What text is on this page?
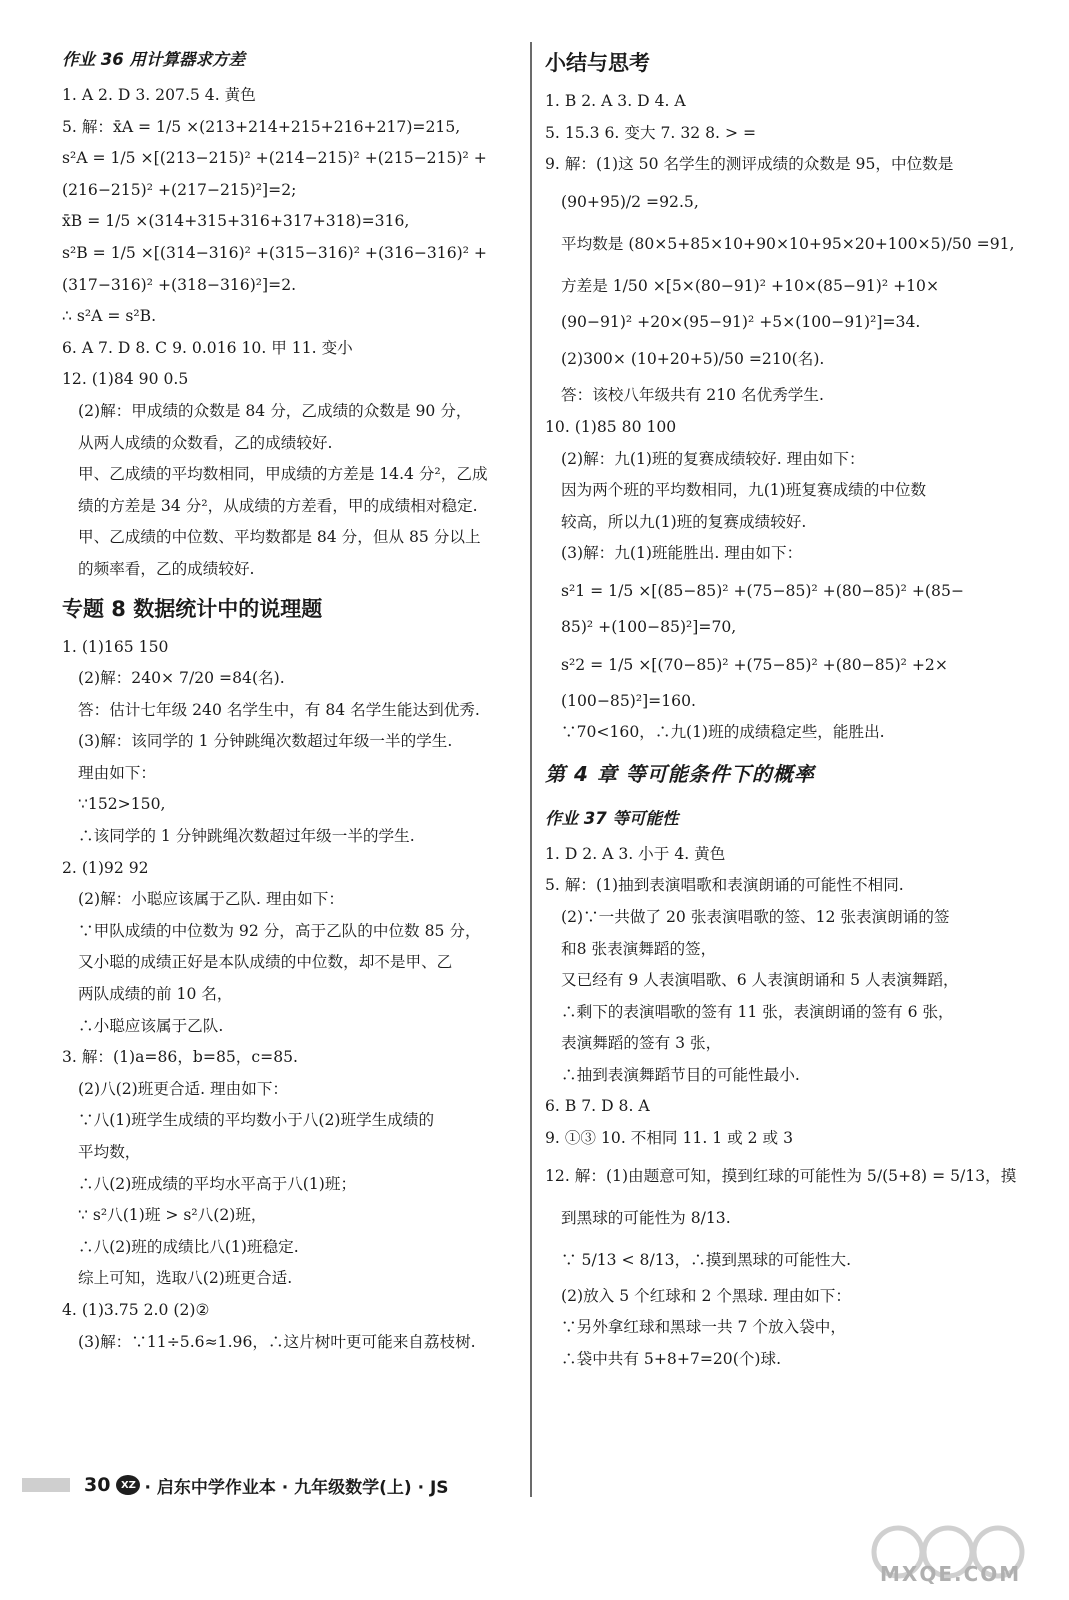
作业 36 用计算器求方差
1. A 2. D 3. 207.5 4. 黄色
5. 解：x̄A = 1/5 ×(213+214+215+216+217)=215,
s²A = 1/5 ×[(213−215)² +(214−215)² +(215−215)² +
(216−215)² +(217−215)²]=2;
x̄B = 1/5 ×(314+315+316+317+318)=316,
s²B = 1/5 ×[(314−316)² +(315−316)² +(316−316)² +
(317−316)² +(318−316)²]=2.
∴ s²A = s²B.
6. A 7. D 8. C 9. 0.016 10. 甲 11. 变小
12. (1)84 90 0.5
(2)解：甲成绩的众数是 84 分，乙成绩的众数是 90 分，
从两人成绩的众数看，乙的成绩较好.
甲、乙成绩的平均数相同，甲成绩的方差是 14.4 分²，乙成
绩的方差是 34 分²，从成绩的方差看，甲的成绩相对稳定.
甲、乙成绩的中位数、平均数都是 84 分，但从 85 分以上
的频率看，乙的成绩较好.
专题 8 数据统计中的说理题
1. (1)165 150
(2)解：240× 7/20 =84(名).
答：估计七年级 240 名学生中，有 84 名学生能达到优秀.
(3)解：该同学的 1 分钟跳绳次数超过年级一半的学生.
理由如下：
∵152>150,
∴该同学的 1 分钟跳绳次数超过年级一半的学生.
2. (1)92 92
(2)解：小聪应该属于乙队. 理由如下：
∵甲队成绩的中位数为 92 分，高于乙队的中位数 85 分，
又小聪的成绩正好是本队成绩的中位数，却不是甲、乙
两队成绩的前 10 名，
∴小聪应该属于乙队.
3. 解：(1)a=86，b=85，c=85.
(2)八(2)班更合适. 理由如下：
∵八(1)班学生成绩的平均数小于八(2)班学生成绩的
平均数，
∴八(2)班成绩的平均水平高于八(1)班；
∵ s²八(1)班 > s²八(2)班，
∴八(2)班的成绩比八(1)班稳定.
综上可知，选取八(2)班更合适.
4. (1)3.75 2.0 (2)②
(3)解：∵11÷5.6≈1.96，∴这片树叶更可能来自荔枝树.
小结与思考
1. B 2. A 3. D 4. A
5. 15.3 6. 变大 7. 32 8. > =
9. 解：(1)这 50 名学生的测评成绩的众数是 95，中位数是
(90+95)/2 =92.5,
平均数是 (80×5+85×10+90×10+95×20+100×5)/50 =91,
方差是 1/50 ×[5×(80−91)² +10×(85−91)² +10×
(90−91)² +20×(95−91)² +5×(100−91)²]=34.
(2)300× (10+20+5)/50 =210(名).
答：该校八年级共有 210 名优秀学生.
10. (1)85 80 100
(2)解：九(1)班的复赛成绩较好. 理由如下：
因为两个班的平均数相同，九(1)班复赛成绩的中位数
较高，所以九(1)班的复赛成绩较好.
(3)解：九(1)班能胜出. 理由如下：
s²1 = 1/5 ×[(85−85)² +(75−85)² +(80−85)² +(85−
85)² +(100−85)²]=70,
s²2 = 1/5 ×[(70−85)² +(75−85)² +(80−85)² +2×
(100−85)²]=160.
∵70<160，∴九(1)班的成绩稳定些，能胜出.
第 4 章 等可能条件下的概率
作业 37 等可能性
1. D 2. A 3. 小于 4. 黄色
5. 解：(1)抽到表演唱歌和表演朗诵的可能性不相同.
(2)∵一共做了 20 张表演唱歌的签、12 张表演朗诵的签
和8 张表演舞蹈的签，
又已经有 9 人表演唱歌、6 人表演朗诵和 5 人表演舞蹈，
∴剩下的表演唱歌的签有 11 张，表演朗诵的签有 6 张，
表演舞蹈的签有 3 张，
∴抽到表演舞蹈节目的可能性最小.
6. B 7. D 8. A
9. ①③ 10. 不相同 11. 1 或 2 或 3
12. 解：(1)由题意可知，摸到红球的可能性为 5/(5+8) = 5/13，摸
到黑球的可能性为 8/13.
∵ 5/13 < 8/13，∴摸到黑球的可能性大.
(2)放入 5 个红球和 2 个黑球. 理由如下：
∵另外拿红球和黑球一共 7 个放入袋中，
∴袋中共有 5+8+7=20(个)球.
30	XZ · 启东中学作业本 · 九年级数学(上) · JS
MXQE.COM
